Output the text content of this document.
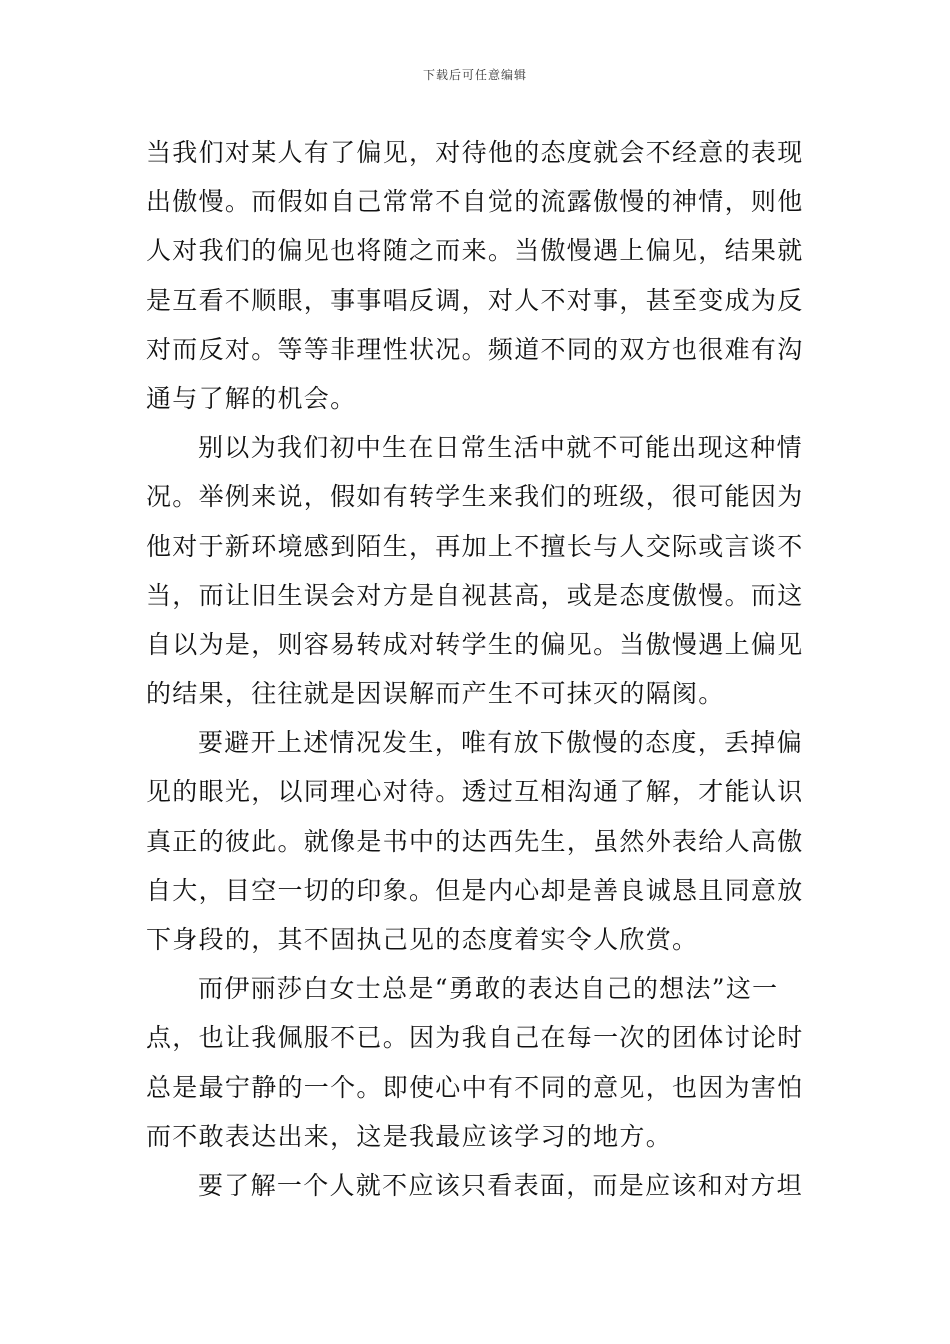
下载后可任意编辑
当我们对某人有了偏见，对待他的态度就会不经意的表现
出傲慢。而假如自己常常不自觉的流露傲慢的神情，则他
人对我们的偏见也将随之而来。当傲慢遇上偏见，结果就
是互看不顺眼，事事唱反调，对人不对事，甚至变成为反
对而反对。等等非理性状况。频道不同的双方也很难有沟
通与了解的机会。
别以为我们初中生在日常生活中就不可能出现这种情
况。举例来说，假如有转学生来我们的班级，很可能因为
他对于新环境感到陌生，再加上不擅长与人交际或言谈不
当，而让旧生误会对方是自视甚高，或是态度傲慢。而这
自以为是，则容易转成对转学生的偏见。当傲慢遇上偏见
的结果，往往就是因误解而产生不可抹灭的隔阂。
要避开上述情况发生，唯有放下傲慢的态度，丢掉偏
见的眼光，以同理心对待。透过互相沟通了解，才能认识
真正的彼此。就像是书中的达西先生，虽然外表给人高傲
自大，目空一切的印象。但是内心却是善良诚恳且同意放
下身段的，其不固执己见的态度着实令人欣赏。
而伊丽莎白女士总是“勇敢的表达自己的想法”这一
点，也让我佩服不已。因为我自己在每一次的团体讨论时
总是最宁静的一个。即使心中有不同的意见，也因为害怕
而不敢表达出来，这是我最应该学习的地方。
要了解一个人就不应该只看表面，而是应该和对方坦
